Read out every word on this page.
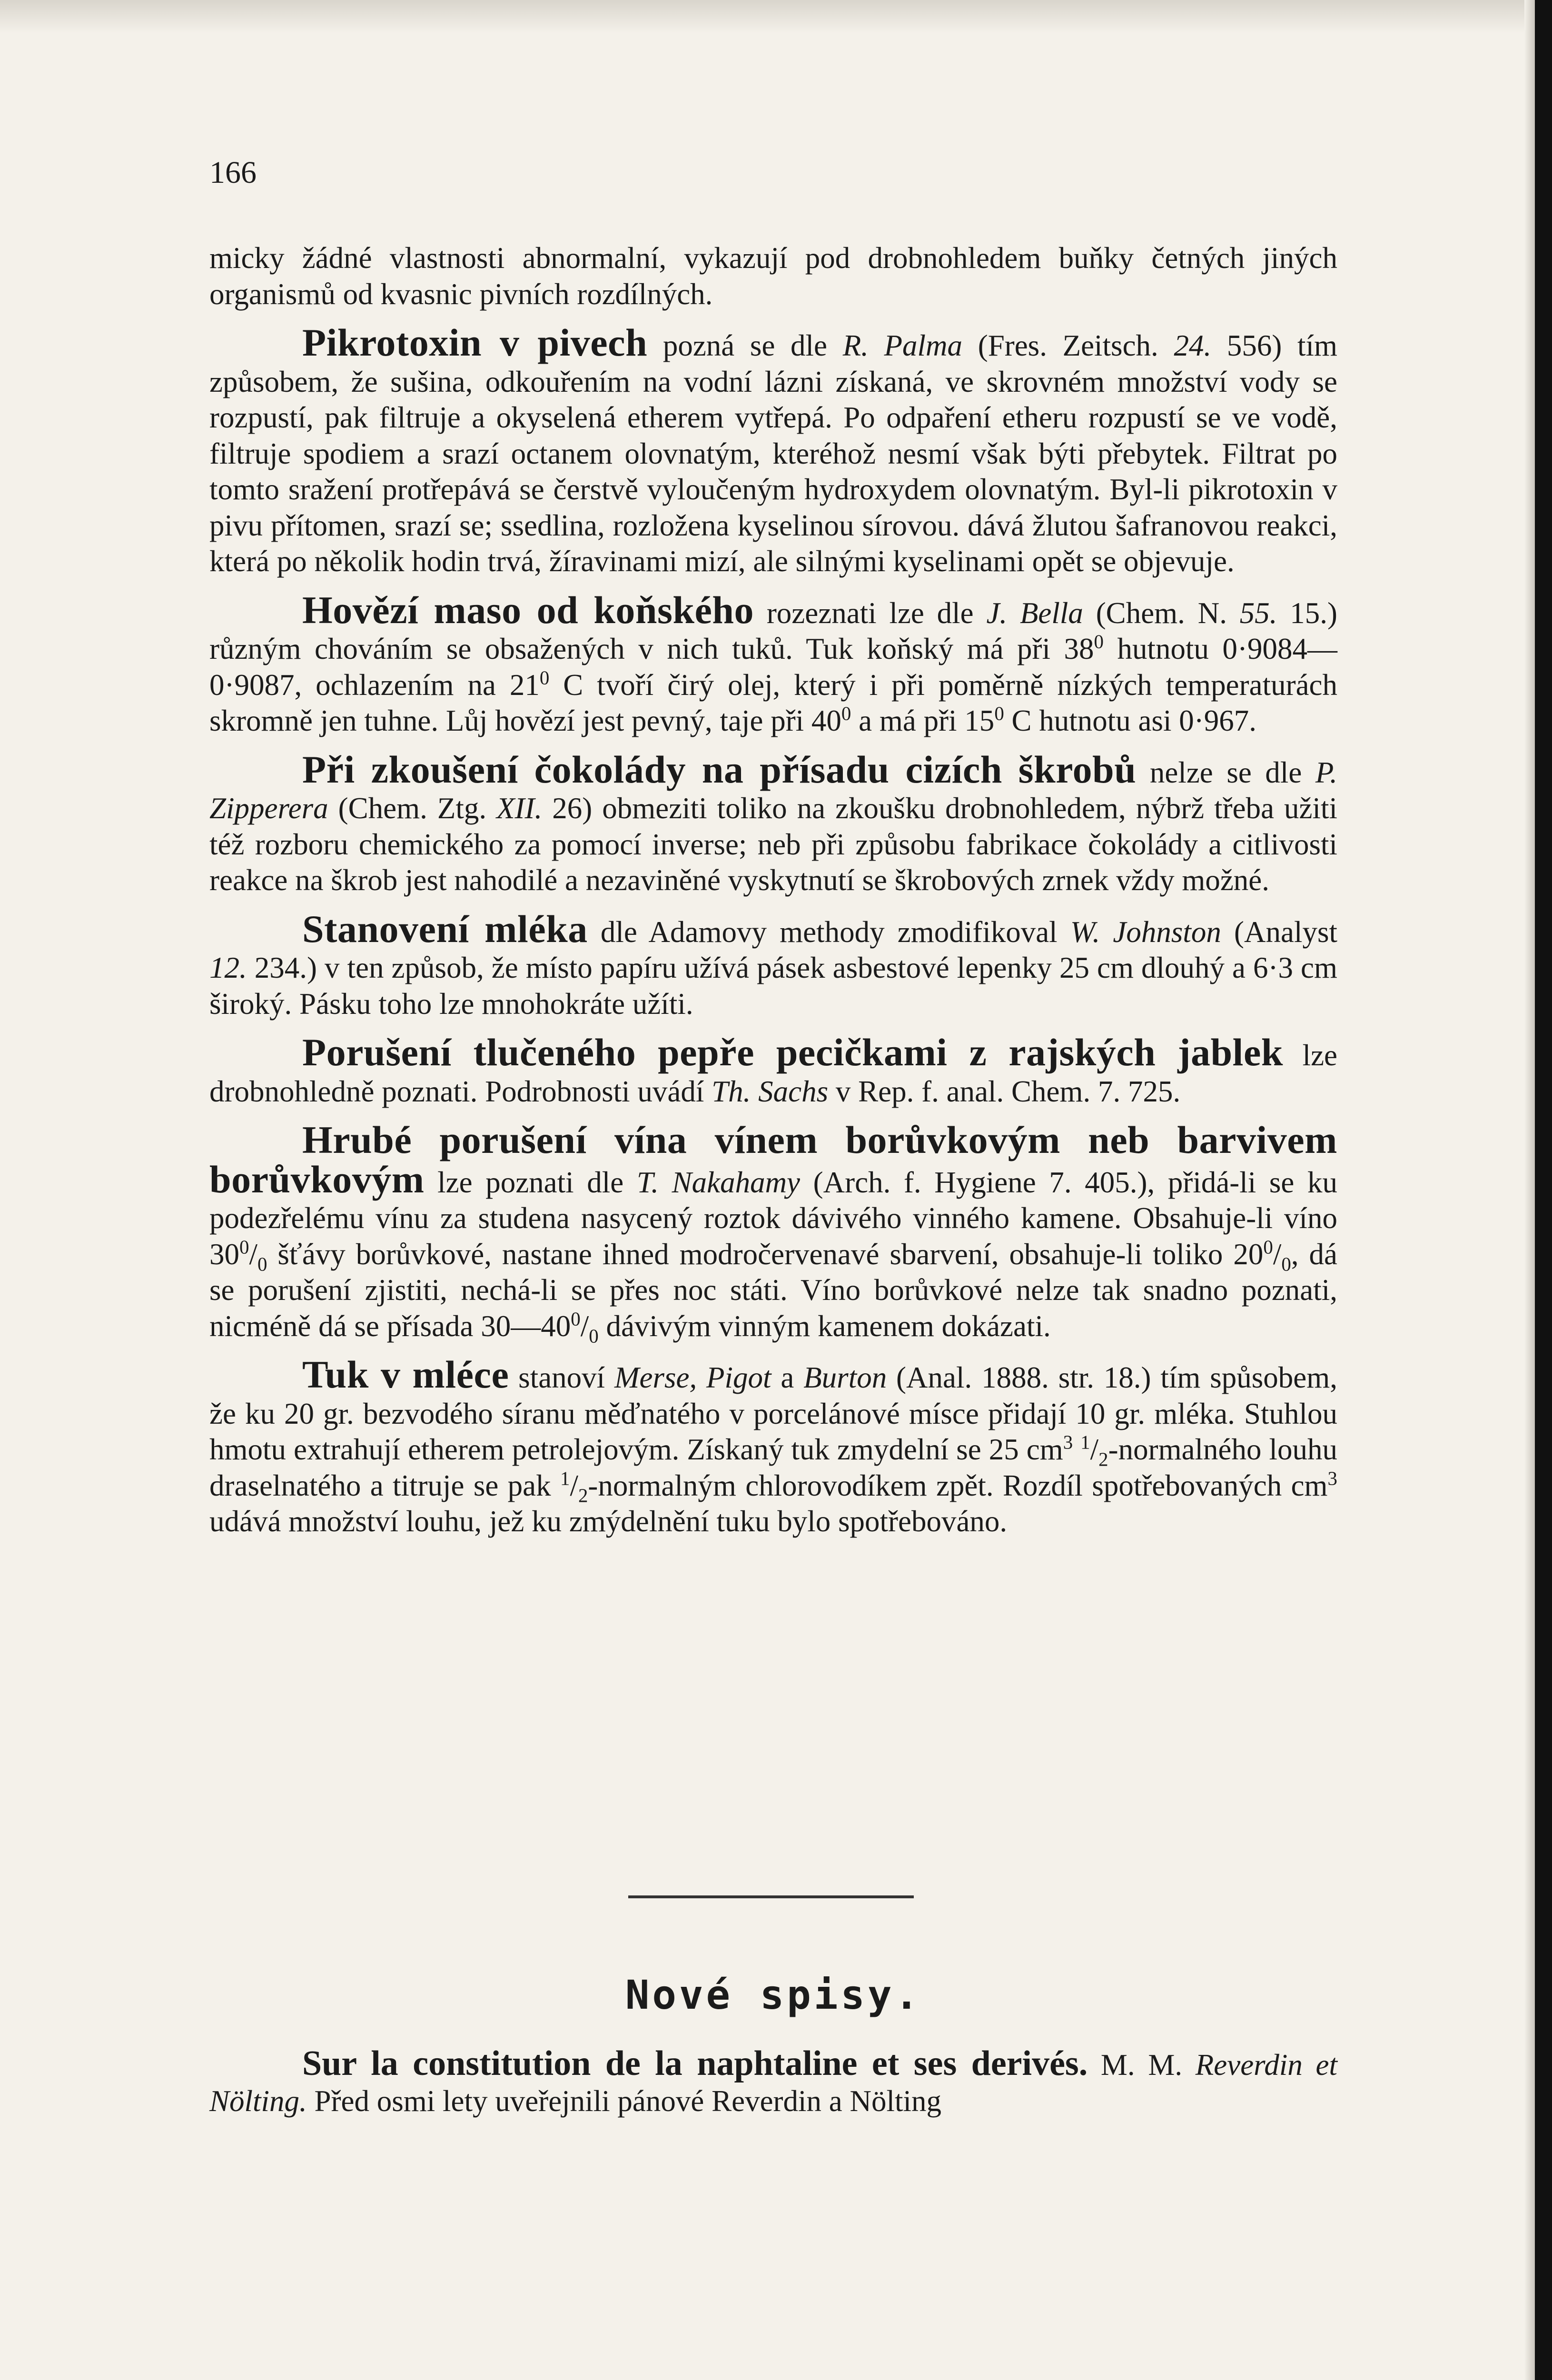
166

micky žádné vlastnosti abnormalní, vykazují pod drobnohledem buňky četných jiných organismů od kvasnic pivních rozdílných.

Pikrotoxin v pivech pozná se dle R. Palma (Fres. Zeitsch. 24. 556) tím způsobem, že sušina, odkouřením na vodní lázni získaná, ve skrovném množství vody se rozpustí, pak filtruje a okyselená etherem vytřepá. Po odpaření etheru rozpustí se ve vodě, filtruje spodiem a srazí octanem olovnatým, kteréhož nesmí však býti přebytek. Filtrat po tomto sražení protřepává se čerstvě vyloučeným hydroxydem olovnatým. Byl-li pikrotoxin v pivu přítomen, srazí se; ssedlina, rozložena kyselinou sírovou. dává žlutou šafranovou reakci, která po několik hodin trvá, žíravinami mizí, ale silnými kyselinami opět se objevuje.

Hovězí maso od koňského rozeznati lze dle J. Bella (Chem. N. 55. 15.) různým chováním se obsažených v nich tuků. Tuk koňský má při $38^0$ hutnotu 0·9084—0·9087, ochlazením na $21^0$ C tvoří čirý olej, který i při poměrně nízkých temperaturách skromně jen tuhne. Lůj hovězí jest pevný, taje při $40^0$ a má při $15^0$ C hutnotu asi 0·967.

Při zkoušení čokolády na přísadu cizích škrobů nelze se dle P. Zipperera (Chem. Ztg. XII. 26) obmeziti toliko na zkoušku drobnohledem, nýbrž třeba užiti též rozboru chemického za pomocí inverse; neb při způsobu fabrikace čokolády a citlivosti reakce na škrob jest nahodilé a nezaviněné vyskytnutí se škrobových zrnek vždy možné.

Stanovení mléka dle Adamovy methody zmodifikoval W. Johnston (Analyst 12. 234.) v ten způsob, že místo papíru užívá pásek asbestové lepenky 25 cm dlouhý a 6·3 cm široký. Pásku toho lze mnohokráte užíti.

Porušení tlučeného pepře pecičkami z rajských jablek lze drobnohledně poznati. Podrobnosti uvádí Th. Sachs v Rep. f. anal. Chem. 7. 725.

Hrubé porušení vína vínem borůvkovým neb barvivem borůvkovým lze poznati dle T. Nakahamy (Arch. f. Hygiene 7. 405.), přidá-li se ku podezřelému vínu za studena nasycený roztok dávivého vinného kamene. Obsahuje-li víno $30^0/_0$ šťávy borůvkové, nastane ihned modročervenavé sbarvení, obsahuje-li toliko $20^0/_0$, dá se porušení zjistiti, nechá-li se přes noc státi. Víno borůvkové nelze tak snadno poznati, nicméně dá se přísada $30—40^0/_0$ dávivým vinným kamenem dokázati.

Tuk v mléce stanoví Merse, Pigot a Burton (Anal. 1888. str. 18.) tím spůsobem, že ku 20 gr. bezvodého síranu měďnatého v porcelánové mísce přidají 10 gr. mléka. Stuhlou hmotu extrahují etherem petrolejovým. Získaný tuk zmydelní se 25 $cm^3$ $^1/_2$-normalného louhu draselnatého a titruje se pak $^1/_2$-normalným chlorovodíkem zpět. Rozdíl spotřebovaných $cm^3$ udává množství louhu, jež ku zmýdelnění tuku bylo spotřebováno.

Nové spisy.

Sur la constitution de la naphtaline et ses derivés. M. M. Reverdin et Nölting. Před osmi lety uveřejnili pánové Reverdin a Nölting
